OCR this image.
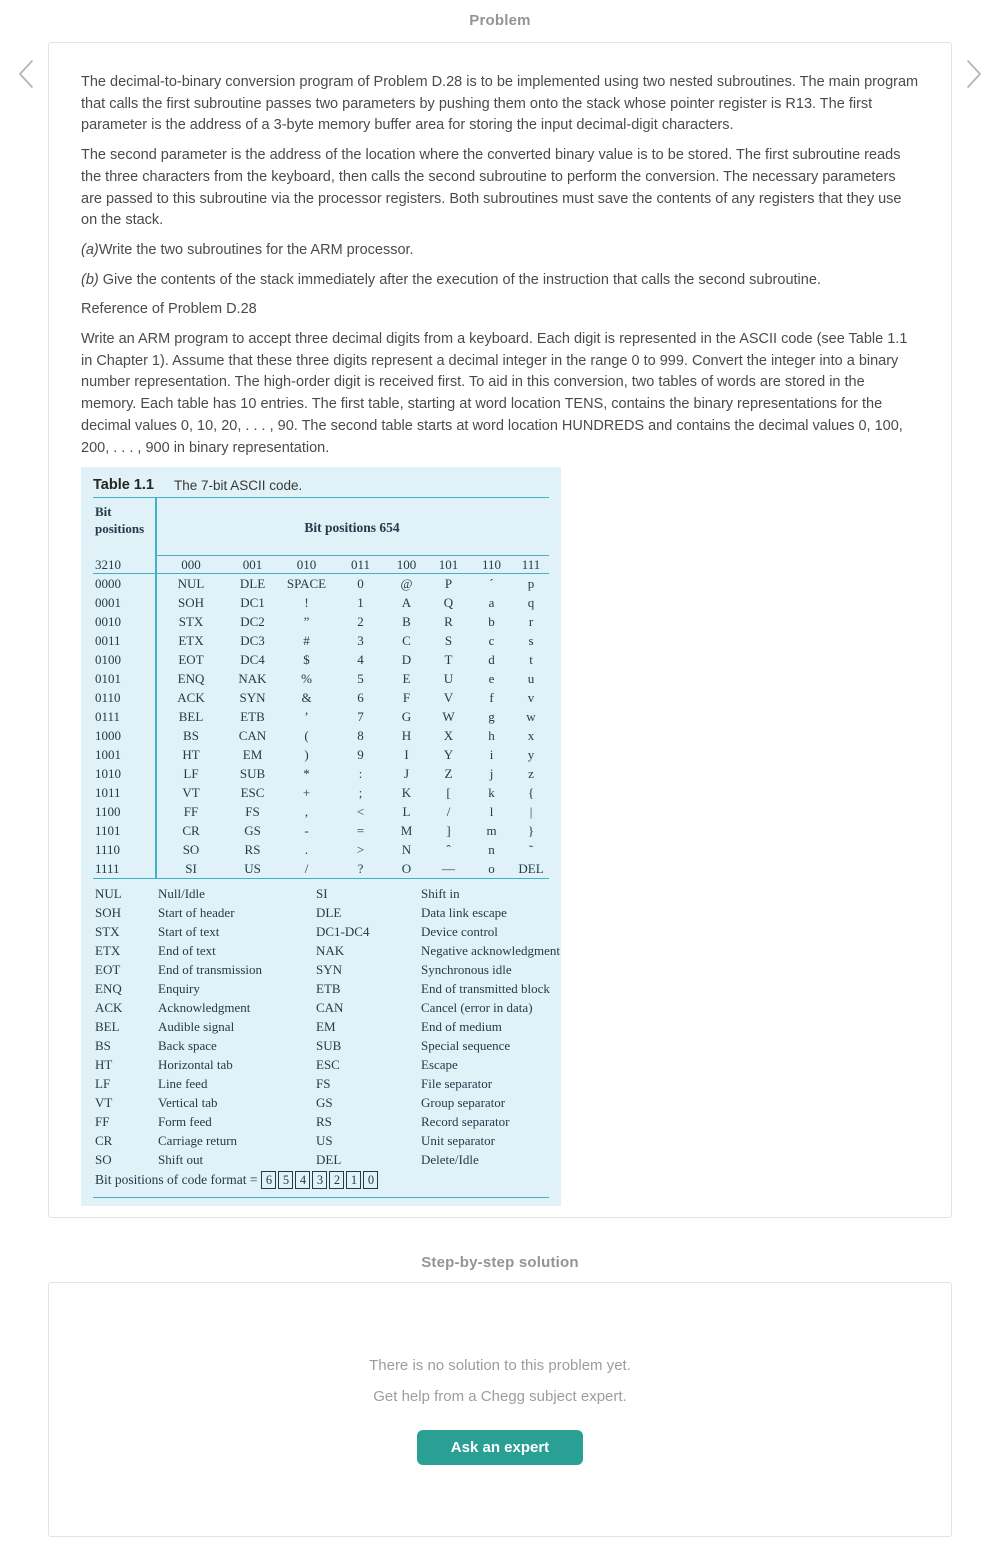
Problem

The decimal-to-binary conversion program of Problem D.28 is to be implemented using two nested subroutines. The main program that calls the first subroutine passes two parameters by pushing them onto the stack whose pointer register is R13. The first parameter is the address of a 3-byte memory buffer area for storing the input decimal-digit characters.

The second parameter is the address of the location where the converted binary value is to be stored. The first subroutine reads the three characters from the keyboard, then calls the second subroutine to perform the conversion. The necessary parameters are passed to this subroutine via the processor registers. Both subroutines must save the contents of any registers that they use on the stack.

(a)Write the two subroutines for the ARM processor.

(b) Give the contents of the stack immediately after the execution of the instruction that calls the second subroutine.

Reference of Problem D.28

Write an ARM program to accept three decimal digits from a keyboard. Each digit is represented in the ASCII code (see Table 1.1 in Chapter 1). Assume that these three digits represent a decimal integer in the range 0 to 999. Convert the integer into a binary number representation. The high-order digit is received first. To aid in this conversion, two tables of words are stored in the memory. Each table has 10 entries. The first table, starting at word location TENS, contains the binary representations for the decimal values 0, 10, 20, . . . , 90. The second table starts at word location HUNDREDS and contains the decimal values 0, 100, 200, . . . , 900 in binary representation.

Table 1.1 The 7-bit ASCII code.
Bit positions	Bit positions 654
3210	000	001	010	011	100	101	110	111
0000	NUL	DLE	SPACE	0	@	P	´	p
0001	SOH	DC1	!	1	A	Q	a	q
0010	STX	DC2	”	2	B	R	b	r
0011	ETX	DC3	#	3	C	S	c	s
0100	EOT	DC4	$	4	D	T	d	t
0101	ENQ	NAK	%	5	E	U	e	u
0110	ACK	SYN	&	6	F	V	f	v
0111	BEL	ETB	’	7	G	W	g	w
1000	BS	CAN	(	8	H	X	h	x
1001	HT	EM	)	9	I	Y	i	y
1010	LF	SUB	*	:	J	Z	j	z
1011	VT	ESC	+	;	K	[	k	{
1100	FF	FS	,	<	L	/	l	|
1101	CR	GS	-	=	M	]	m	}
1110	SO	RS	.	>	N	ˆ	n	˜
1111	SI	US	/	?	O	—	o	DEL
NUL	Null/Idle	SI	Shift in
SOH	Start of header	DLE	Data link escape
STX	Start of text	DC1-DC4	Device control
ETX	End of text	NAK	Negative acknowledgment
EOT	End of transmission	SYN	Synchronous idle
ENQ	Enquiry	ETB	End of transmitted block
ACK	Acknowledgment	CAN	Cancel (error in data)
BEL	Audible signal	EM	End of medium
BS	Back space	SUB	Special sequence
HT	Horizontal tab	ESC	Escape
LF	Line feed	FS	File separator
VT	Vertical tab	GS	Group separator
FF	Form feed	RS	Record separator
CR	Carriage return	US	Unit separator
SO	Shift out	DEL	Delete/Idle
Bit positions of code format = 6 5 4 3 2 1 0
Step-by-step solution
There is no solution to this problem yet.
Get help from a Chegg subject expert.
Ask an expert
